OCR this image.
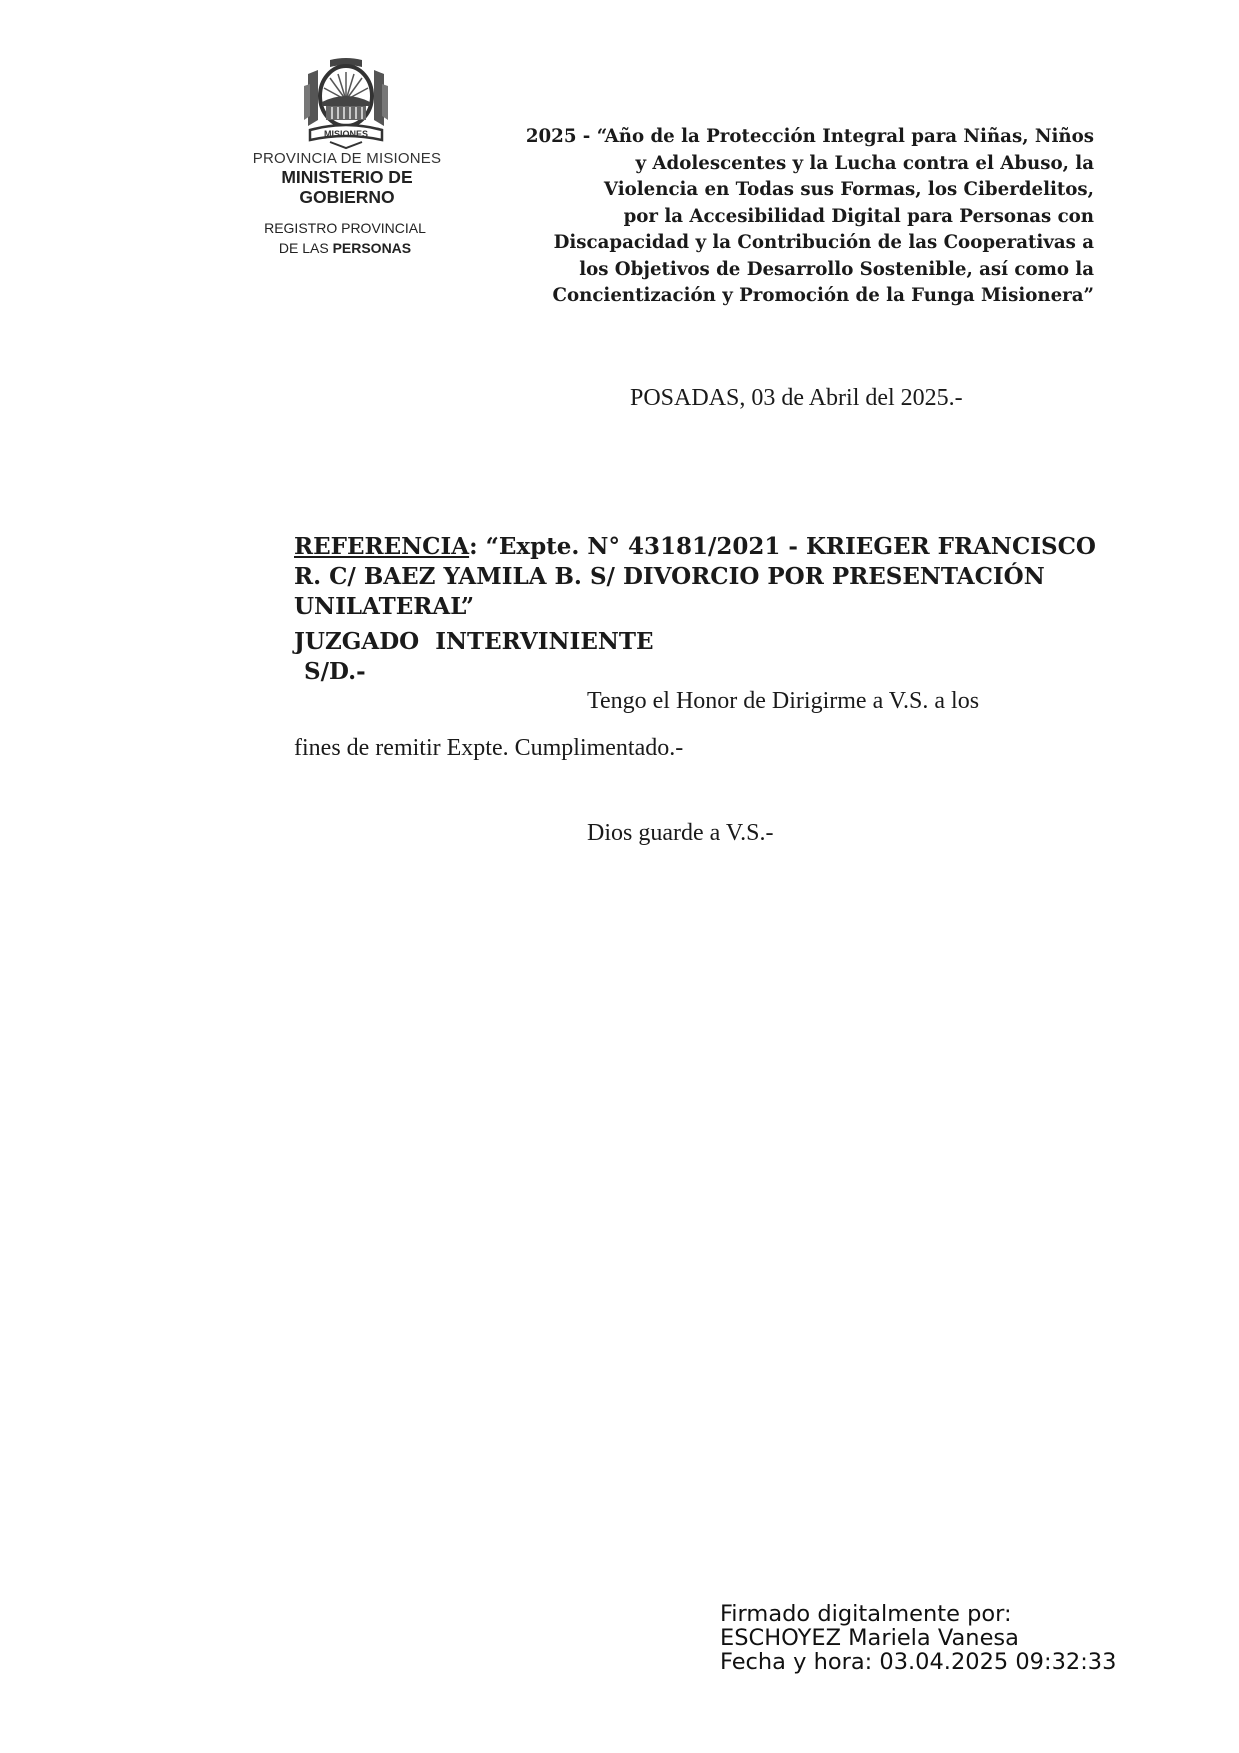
MISIONES
PROVINCIA DE MISIONES
MINISTERIO DE GOBIERNO
REGISTRO PROVINCIAL
DE LAS PERSONAS
2025 - “Año de la Protección Integral para Niñas, Niños
y Adolescentes y la Lucha contra el Abuso, la
Violencia en Todas sus Formas, los Ciberdelitos,
por la Accesibilidad Digital para Personas con
Discapacidad y la Contribución de las Cooperativas a
los Objetivos de Desarrollo Sostenible, así como la
Concientización y Promoción de la Funga Misionera”
POSADAS, 03 de Abril del 2025.-
REFERENCIA: “Expte. N° 43181/2021 - KRIEGER FRANCISCO
R. C/ BAEZ YAMILA B. S/ DIVORCIO POR PRESENTACIÓN
UNILATERAL”
JUZGADO  INTERVINIENTE
S/D.-
Tengo el Honor de Dirigirme a V.S. a los
fines de remitir Expte. Cumplimentado.-
Dios guarde a V.S.-
Firmado digitalmente por:
ESCHOYEZ Mariela Vanesa
Fecha y hora: 03.04.2025 09:32:33
